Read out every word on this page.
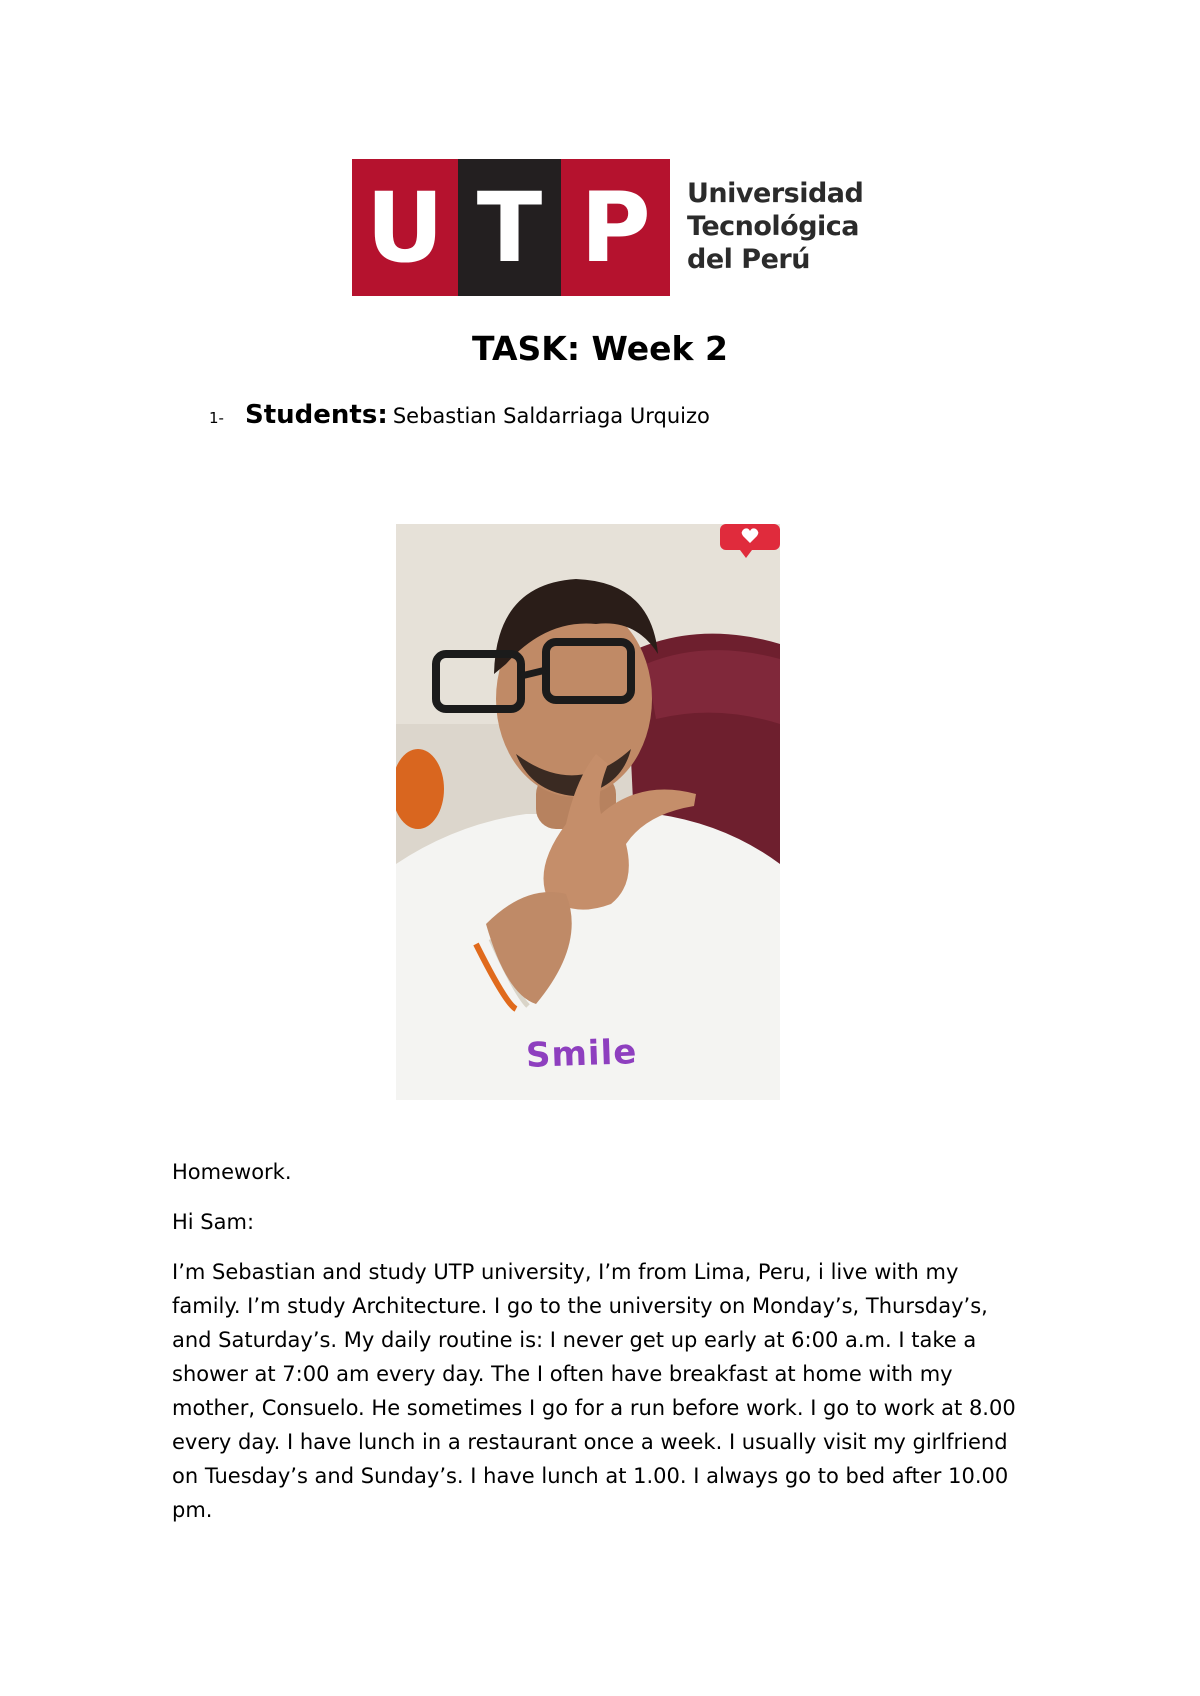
U T P	Universidad
Tecnológica
del Perú
TASK: Week 2
1- Students: Sebastian Saldarriaga Urquizo
Smile

Homework.

Hi Sam:

I’m Sebastian and study UTP university, I’m from Lima, Peru, i live with my
family. I’m study Architecture. I go to the university on Monday’s, Thursday’s,
and Saturday’s. My daily routine is: I never get up early at 6:00 a.m. I take a
shower at 7:00 am every day. The I often have breakfast at home with my
mother, Consuelo. He sometimes I go for a run before work. I go to work at 8.00
every day. I have lunch in a restaurant once a week. I usually visit my girlfriend
on Tuesday’s and Sunday’s. I have lunch at 1.00. I always go to bed after 10.00
pm.
